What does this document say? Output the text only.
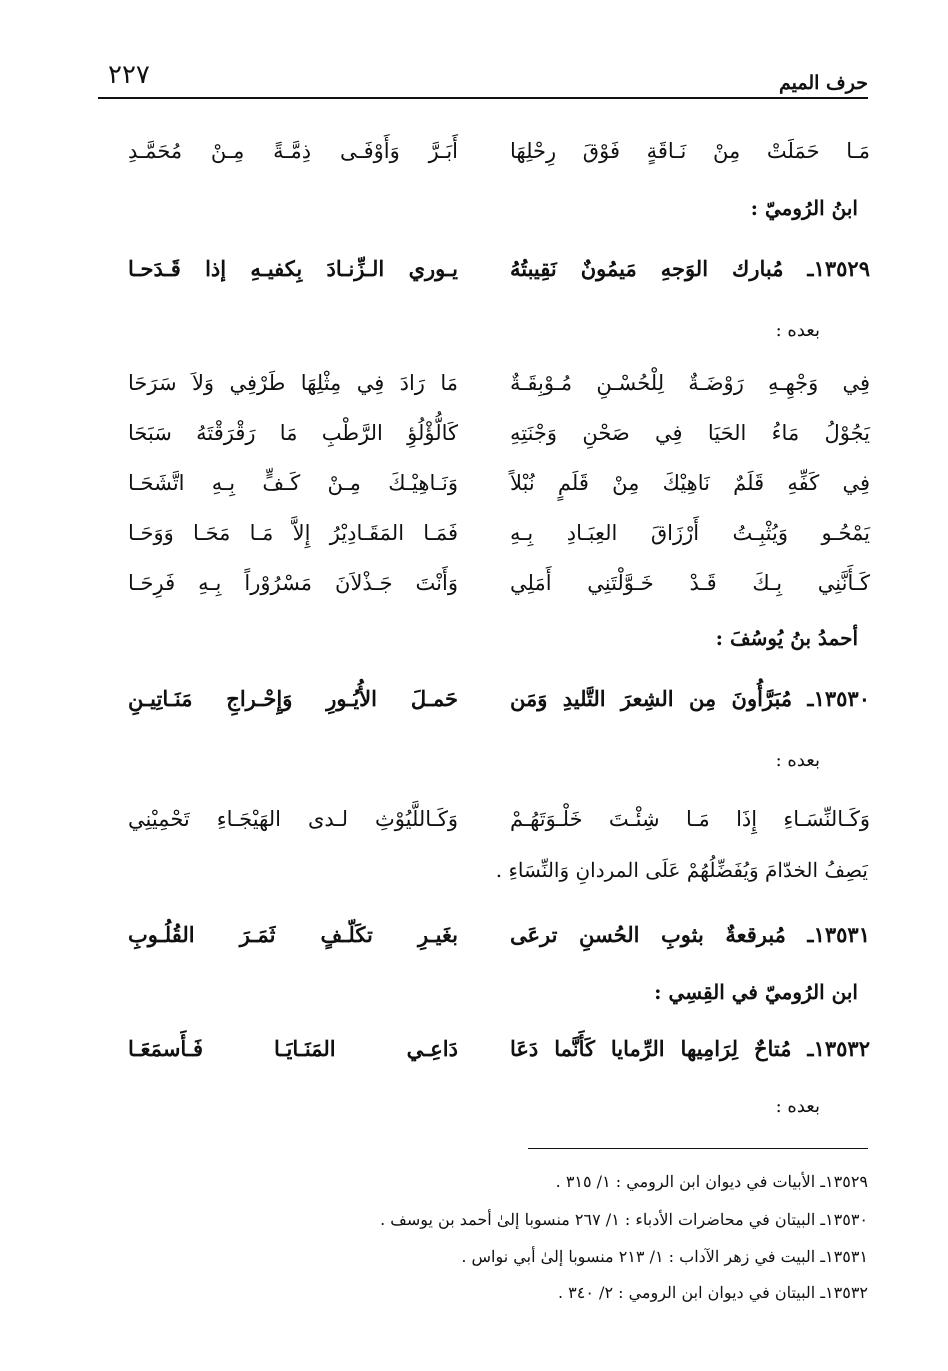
حرف الميم
٢٢٧
مَـا حَمَلَتْ مِنْ نَـاقَةٍ فَوْقَ رِحْلِهَا
أَبَـرَّ وَأَوْفَـى ذِمَّـةً مِـنْ مُحَمَّـدِ
ابنُ الرُوميّ :
١٣٥٢٩ـ مُبارك الوَجهِ مَيمُونٌ نَقِيبتُهُ
يـوري الـزِّنـادَ بِكفيـهِ إذا قَـدَحـا
بعده :
فِي وَجْهِـهِ رَوْضَـةٌ لِلْحُسْـنِ مُـوْبِقَـةٌ
مَا رَادَ فِي مِثْلِهَا طَرْفِي وَلاَ سَرَحَا
يَجُوْلُ مَاءُ الحَيَا فِي صَحْنِ وَجْنَتِهِ
كَالُّؤْلُؤِ الرَّطْبِ مَا رَقْرَقْتَهُ سَبَحَا
فِي كَفِّهِ قَلَمٌ نَاهِيْكَ مِنْ قَلَمٍ نُبْلاً
وَنَـاهِيْـكَ مِـنْ كَـفٍّ بِـهِ اتَّشَحَـا
يَمْحُـو وَيُثْبِـتُ أَرْزَاقَ العِبَـادِ بِـهِ
فَمَـا المَقَـادِيْرُ إِلاَّ مَـا مَحَـا وَوَحَـا
كَـأَنَّنِي بِـكَ قَـدْ خَـوَّلْتَنِي أَمَلِي
وَأَنْتَ جَـذْلاَنَ مَسْرُوْراً بِـهِ فَرِحَـا
أحمدُ بنُ يُوسُفَ :
١٣٥٣٠ـ مُبَرَّأُونَ مِن الشِعرَ التَّليدِ وَمَن
حَمـلَ الأُيُـورِ وَإِحْـراجِ مَنَـاتِيـنِ
بعده :
وَكَـالنِّسَـاءِ إِذَا مَـا شِئْـتَ خَلْـوَتَهُـمْ
وَكَـاللَّيُوْثِ لـدى الهَيْجَـاءِ تَحْمِيْنِي
يَصِفُ الخدّامَ وَيُفَضِّلُهُمْ عَلَى المردانِ وَالنِّسَاءِ .
١٣٥٣١ـ مُبرقعةٌ بثوبِ الحُسنِ ترعَى
بغَيـرِ تكَلّـفٍ ثَمَـرَ القُلُـوبِ
ابن الرُوميّ في القِسِي :
١٣٥٣٢ـ مُتاحٌ لِرَامِيها الرِّمايا كَأَنَّما دَعَا
دَاعِـي المَنَـايَـا فَـأَسمَعَـا
بعده :
١٣٥٢٩ـ الأبيات في ديوان ابن الرومي : ١/ ٣١٥ .
١٣٥٣٠ـ البيتان في محاضرات الأدباء : ١/ ٢٦٧ منسوبا إلىٰ أحمد بن يوسف .
١٣٥٣١ـ البيت في زهر الآداب : ١/ ٢١٣ منسوبا إلىٰ أبي نواس .
١٣٥٣٢ـ البيتان في ديوان ابن الرومي : ٢/ ٣٤٠ .
